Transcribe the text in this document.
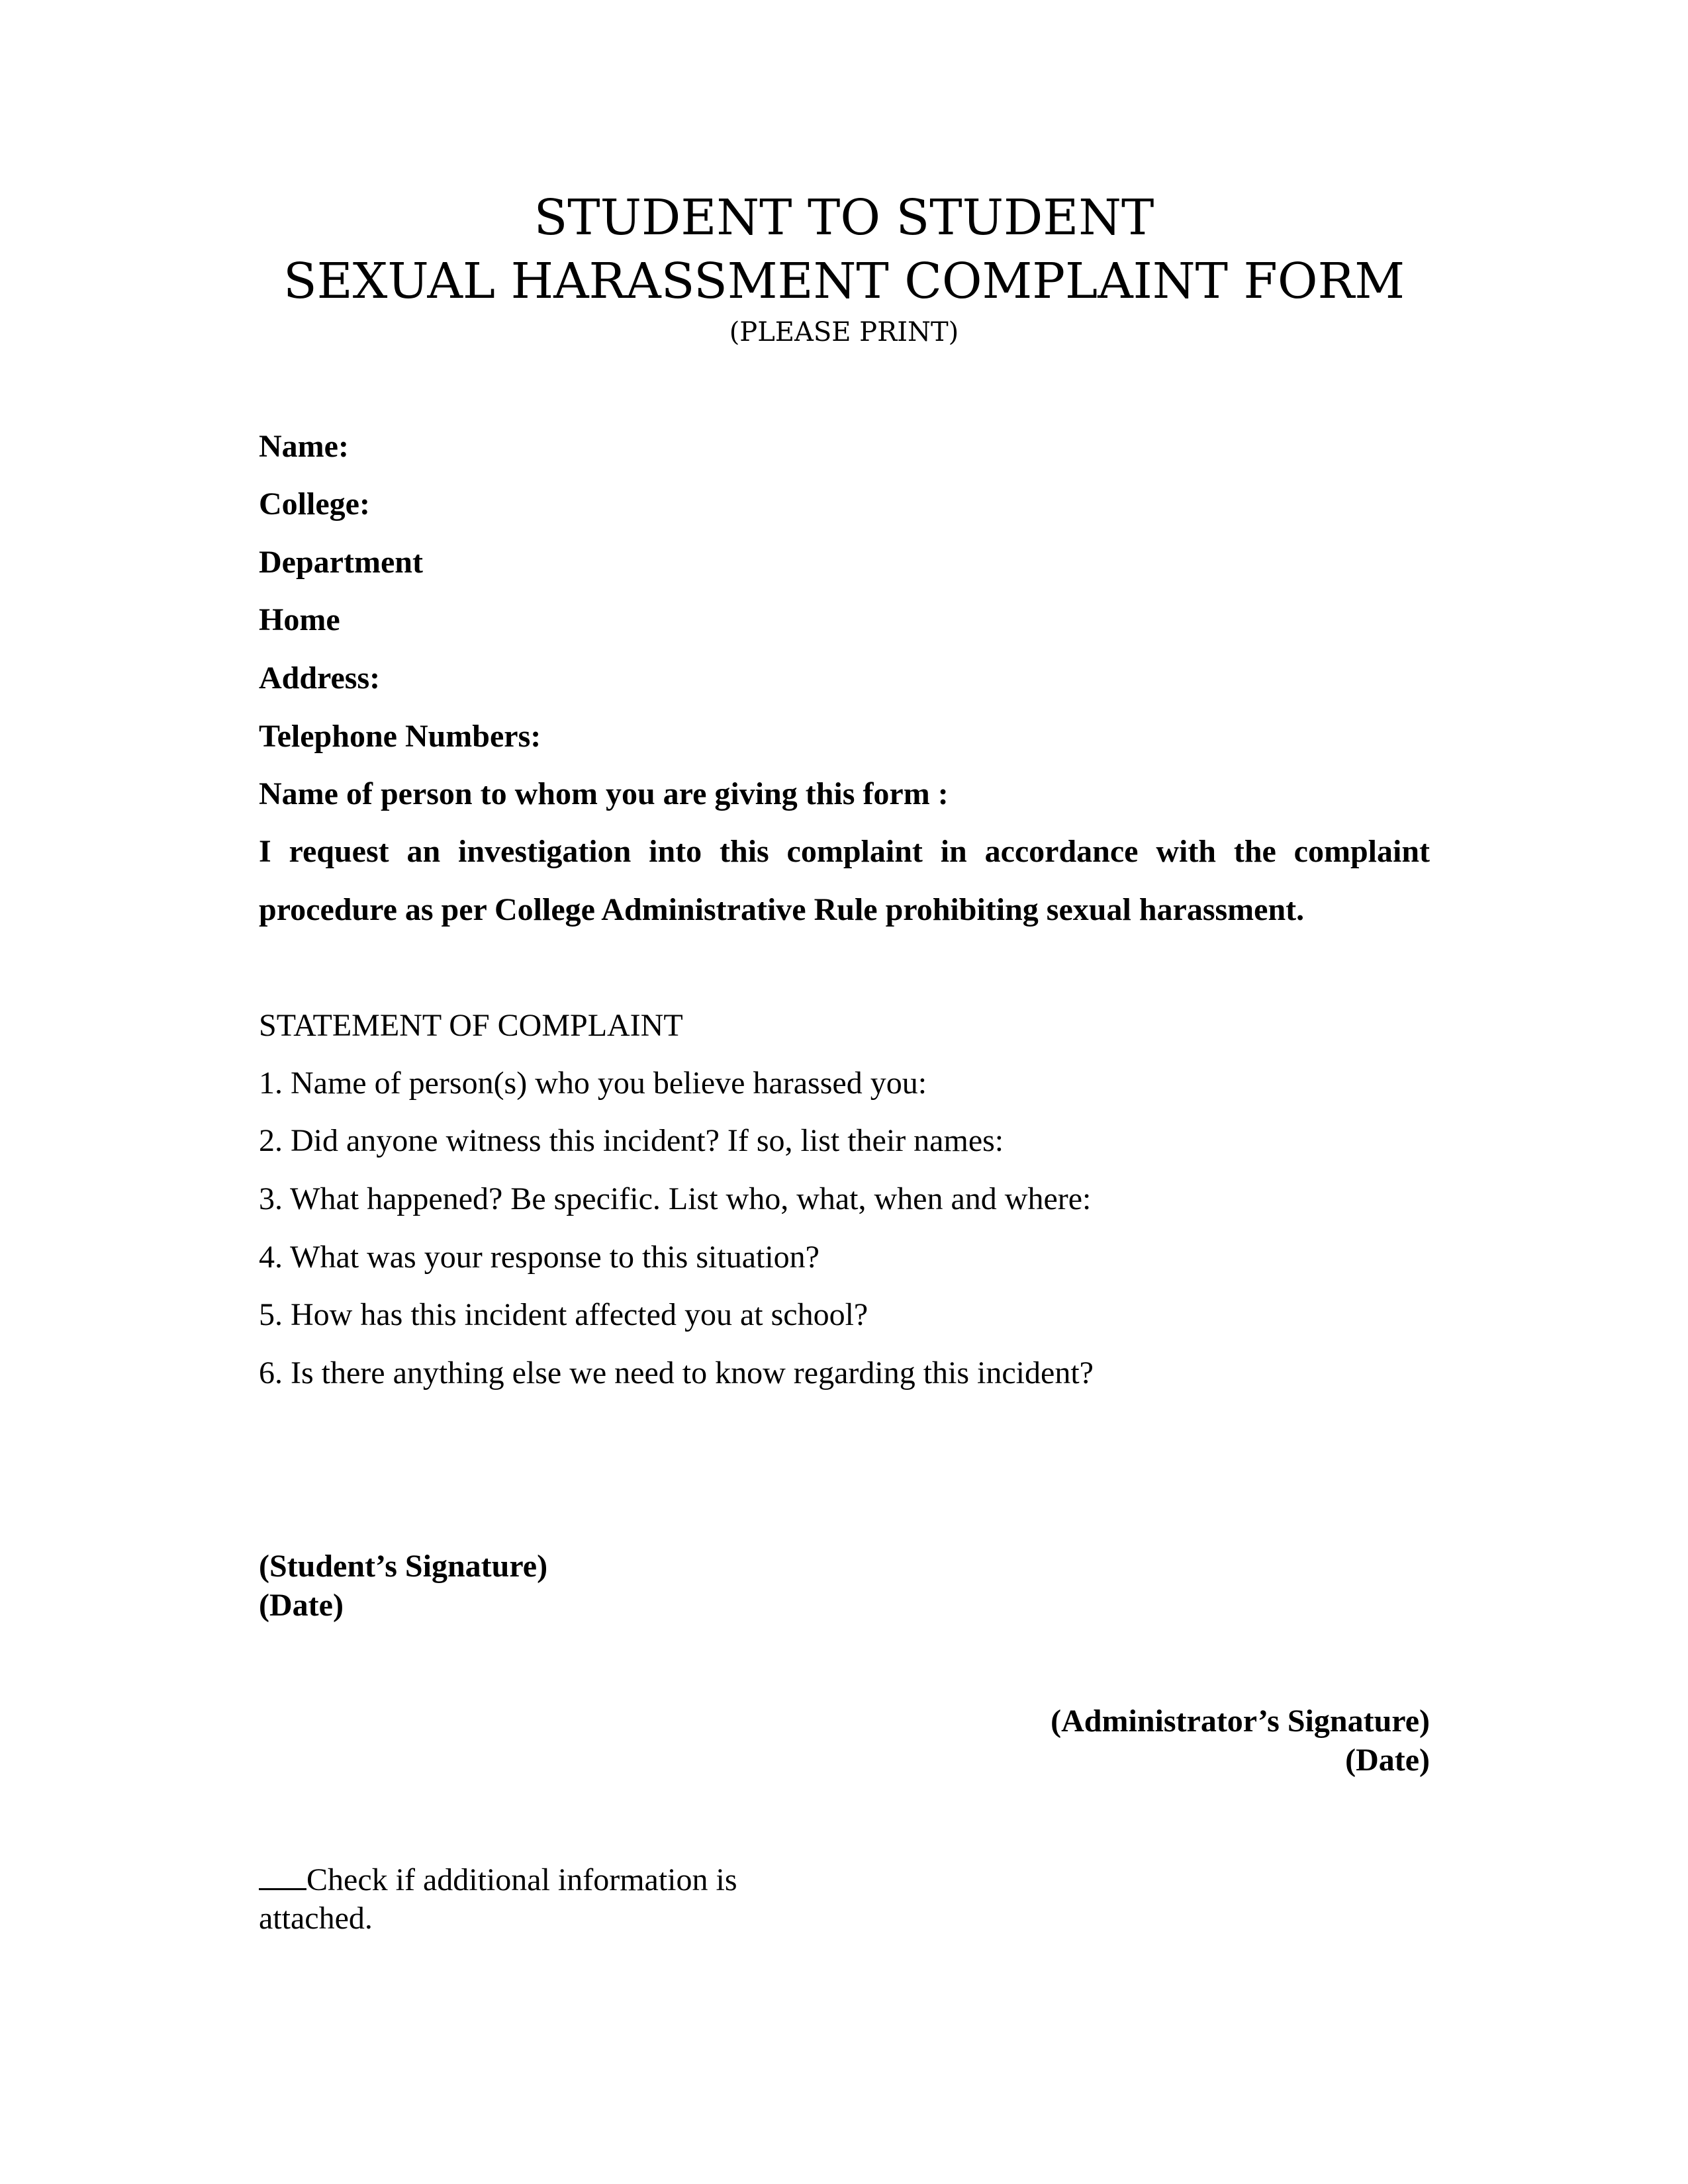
STUDENT TO STUDENT
SEXUAL HARASSMENT COMPLAINT FORM
(PLEASE PRINT)
Name:
College:
Department
Home
Address:
Telephone Numbers:
Name of person to whom you are giving this form :
I request an investigation into this complaint in accordance with the complaint
procedure as per College Administrative Rule prohibiting sexual harassment.
STATEMENT OF COMPLAINT
1. Name of person(s) who you believe harassed you:
2. Did anyone witness this incident? If so, list their names:
3. What happened? Be specific. List who, what, when and where:
4. What was your response to this situation?
5. How has this incident affected you at school?
6. Is there anything else we need to know regarding this incident?
(Student’s Signature)
(Date)
(Administrator’s Signature)
(Date)
Check if additional information is attached.
